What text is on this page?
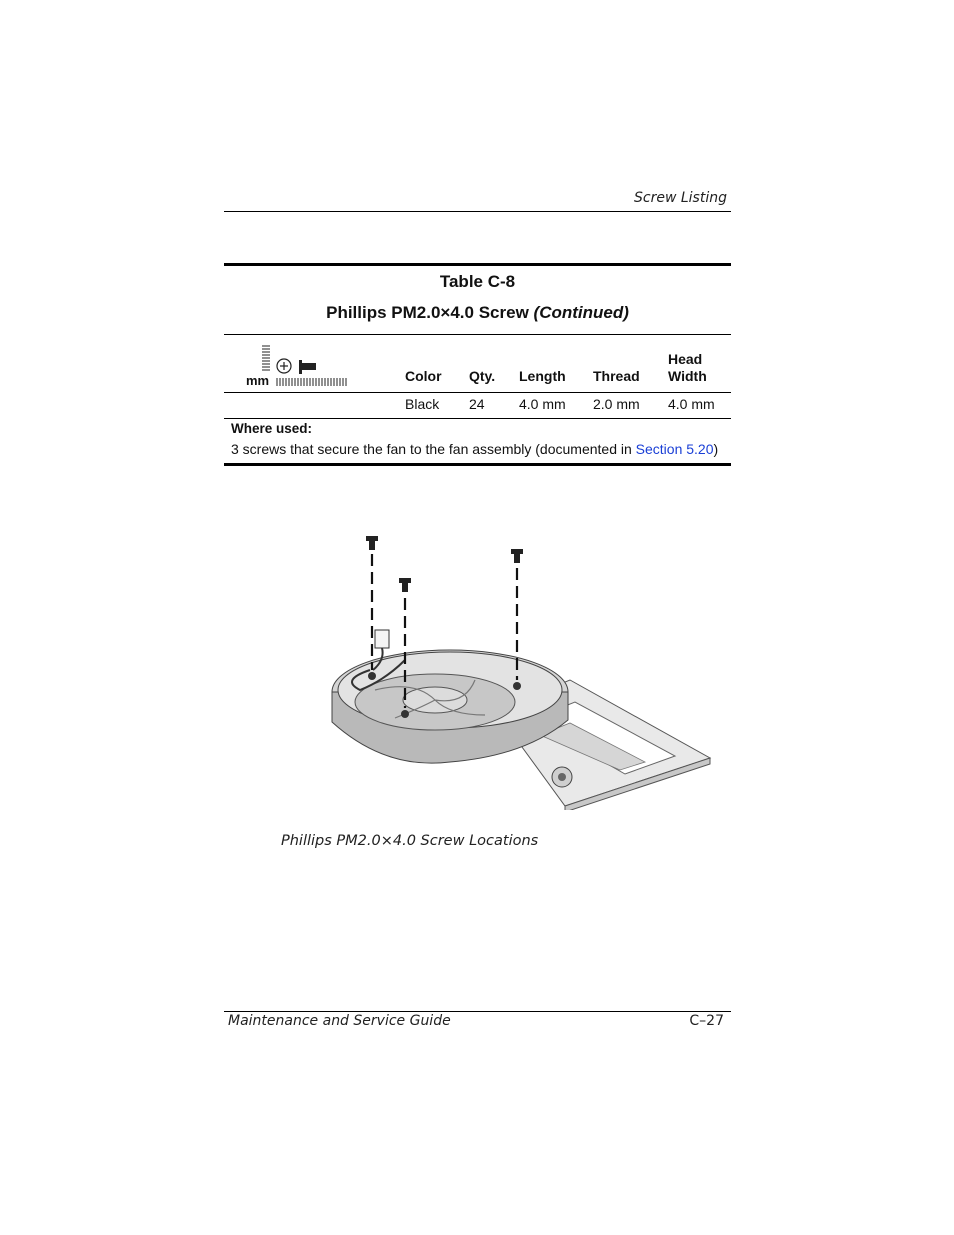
Screw Listing
Table C-8
Phillips PM2.0×4.0 Screw (Continued)
mm	Color Qty. Length Thread
Head
Width
Black 24 4.0 mm 2.0 mm 4.0 mm
Where used:
3 screws that secure the fan to the fan assembly (documented in Section 5.20)
Phillips PM2.0×4.0 Screw Locations
Maintenance and Service Guide	C–27
